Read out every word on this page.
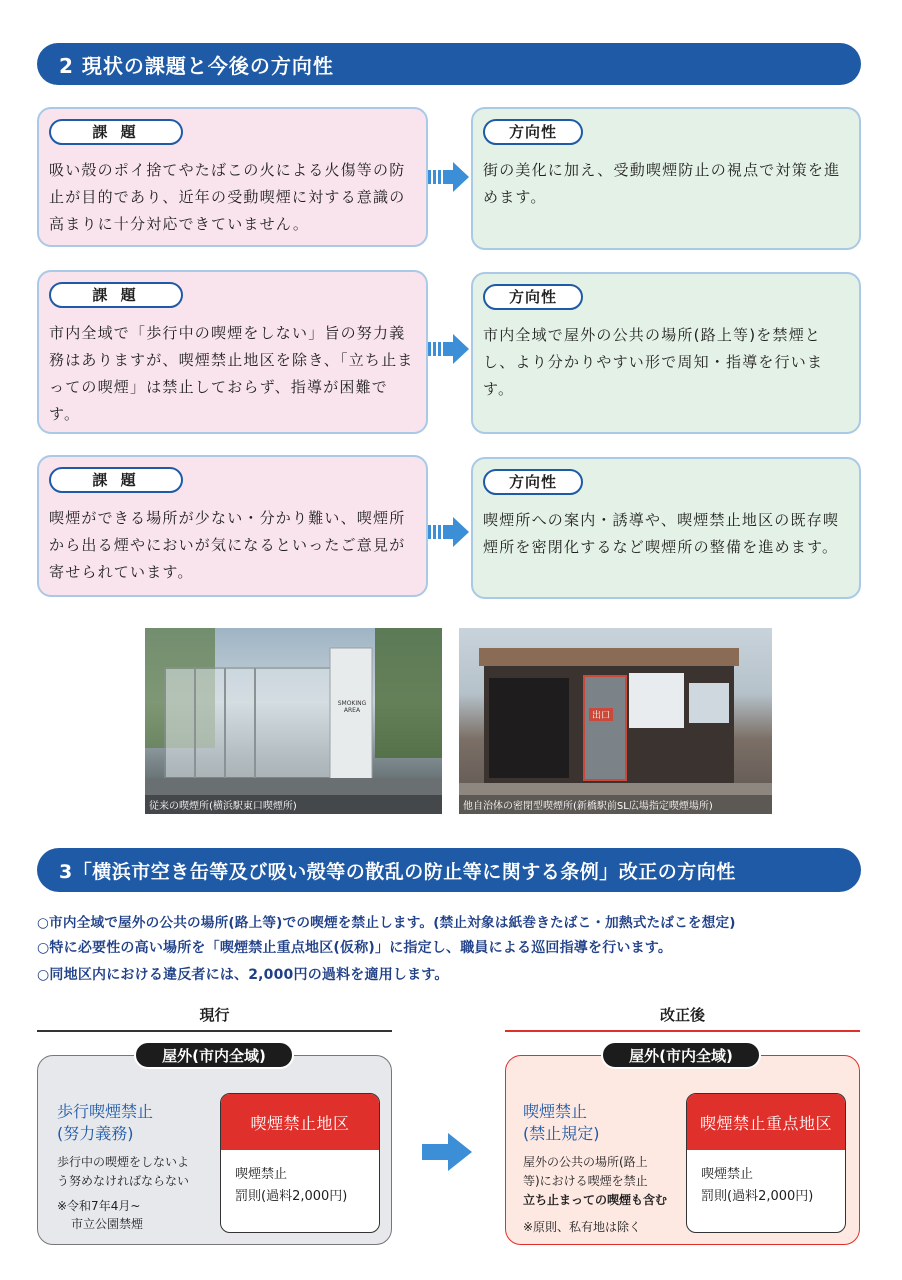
2 現状の課題と今後の方向性
課 題
吸い殻のポイ捨てやたばこの火による火傷等の防止が目的であり、近年の受動喫煙に対する意識の高まりに十分対応できていません。
方向性
街の美化に加え、受動喫煙防止の視点で対策を進めます。
課 題
市内全域で「歩行中の喫煙をしない」旨の努力義務はありますが、喫煙禁止地区を除き、「立ち止まっての喫煙」は禁止しておらず、指導が困難です。
方向性
市内全域で屋外の公共の場所(路上等)を禁煙とし、より分かりやすい形で周知・指導を行います。
課 題
喫煙ができる場所が少ない・分かり難い、喫煙所から出る煙やにおいが気になるといったご意見が寄せられています。
方向性
喫煙所への案内・誘導や、喫煙禁止地区の既存喫煙所を密閉化するなど喫煙所の整備を進めます。
SMOKING AREA
従来の喫煙所(横浜駅東口喫煙所)
出口
他自治体の密閉型喫煙所(新橋駅前SL広場指定喫煙場所)
3「横浜市空き缶等及び吸い殻等の散乱の防止等に関する条例」改正の方向性
○市内全域で屋外の公共の場所(路上等)での喫煙を禁止します。(禁止対象は紙巻きたばこ・加熱式たばこを想定)
○特に必要性の高い場所を「喫煙禁止重点地区(仮称)」に指定し、職員による巡回指導を行います。
○同地区内における違反者には、2,000円の過料を適用します。
現行
屋外(市内全域)
歩行喫煙禁止
(努力義務)
歩行中の喫煙をしないよ
う努めなければならない
※令和7年4月~
市立公園禁煙
喫煙禁止地区
喫煙禁止
罰則(過料2,000円)
改正後
屋外(市内全域)
喫煙禁止
(禁止規定)
屋外の公共の場所(路上
等)における喫煙を禁止
立ち止まっての喫煙も含む
※原則、私有地は除く
喫煙禁止重点地区
喫煙禁止
罰則(過料2,000円)
